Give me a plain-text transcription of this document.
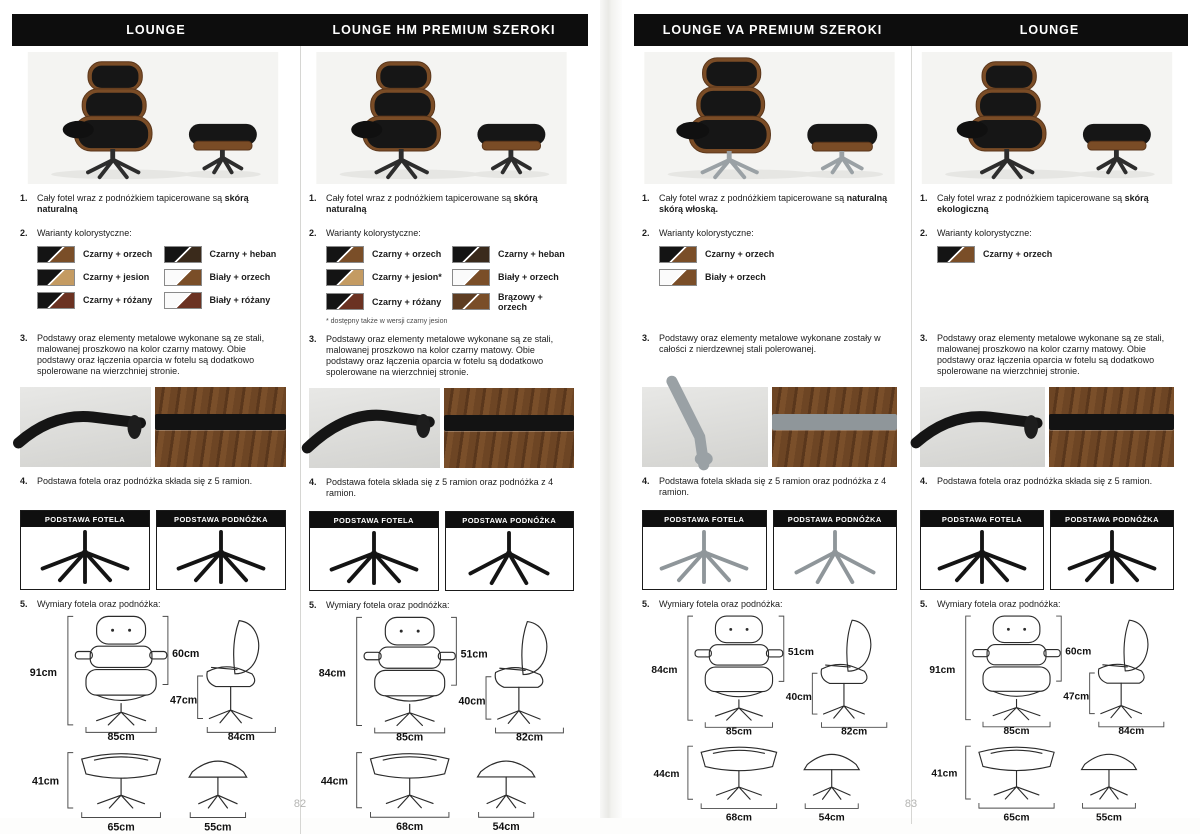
LOUNGE	LOUNGE HM PREMIUM SZEROKI
1.	Cały fotel wraz z podnóżkiem tapicerowane są skórą naturalną

2.	Warianty kolorystyczne:

Czarny + orzech	Czarny + heban
Czarny + jesion	Biały + orzech
Czarny + różany	Biały + różany
3.	Podstawy oraz elementy metalowe wykonane są ze stali, malowanej proszkowo na kolor czarny matowy. Obie podstawy oraz łączenia oparcia w fotelu są dodatkowo spolerowane na wierzchniej stronie.

4.	Podstawa fotela oraz podnóżka składa się z 5 ramion.

PODSTAWA FOTELA	PODSTAWA PODNÓŻKA
5.	Wymiary fotela oraz podnóżka:

91cm
85cm
60cm
47cm
84cm
41cm
65cm	55cm
1.	Cały fotel wraz z podnóżkiem tapicerowane są skórą naturalną

2.	Warianty kolorystyczne:

Czarny + orzech	Czarny + heban
Czarny + jesion*	Biały + orzech
Czarny + różany	Brązowy + orzech
* dostępny także w wersji czarny jesion
3.	Podstawy oraz elementy metalowe wykonane są ze stali, malowanej proszkowo na kolor czarny matowy. Obie podstawy oraz łączenia oparcia w fotelu są dodatkowo spolerowane na wierzchniej stronie.

4.	Podstawa fotela składa się z 5 ramion oraz podnóżka z 4 ramion.

PODSTAWA FOTELA	PODSTAWA PODNÓŻKA
5.	Wymiary fotela oraz podnóżka:

84cm
85cm
51cm
40cm
82cm
44cm
68cm	54cm
82
LOUNGE VA PREMIUM SZEROKI	LOUNGE
1.	Cały fotel wraz z podnóżkiem tapicerowane są naturalną skórą włoską.

2.	Warianty kolorystyczne:

Czarny + orzech
Biały + orzech
3.	Podstawy oraz elementy metalowe wykonane zostały w całości z nierdzewnej stali polerowanej.

4.	Podstawa fotela składa się z 5 ramion oraz podnóżka z 4 ramion.

PODSTAWA FOTELA	PODSTAWA PODNÓŻKA
5.	Wymiary fotela oraz podnóżka:

84cm
85cm
51cm
40cm
82cm
44cm
68cm	54cm
1.	Cały fotel wraz z podnóżkiem tapicerowane są skórą ekologiczną

2.	Warianty kolorystyczne:

Czarny + orzech
3.	Podstawy oraz elementy metalowe wykonane są ze stali, malowanej proszkowo na kolor czarny matowy. Obie podstawy oraz łączenia oparcia w fotelu są dodatkowo spolerowane na wierzchniej stronie.

4.	Podstawa fotela oraz podnóżka składa się z 5 ramion.

PODSTAWA FOTELA	PODSTAWA PODNÓŻKA
5.	Wymiary fotela oraz podnóżka:

91cm
85cm
60cm
47cm
84cm
41cm
65cm	55cm
83
